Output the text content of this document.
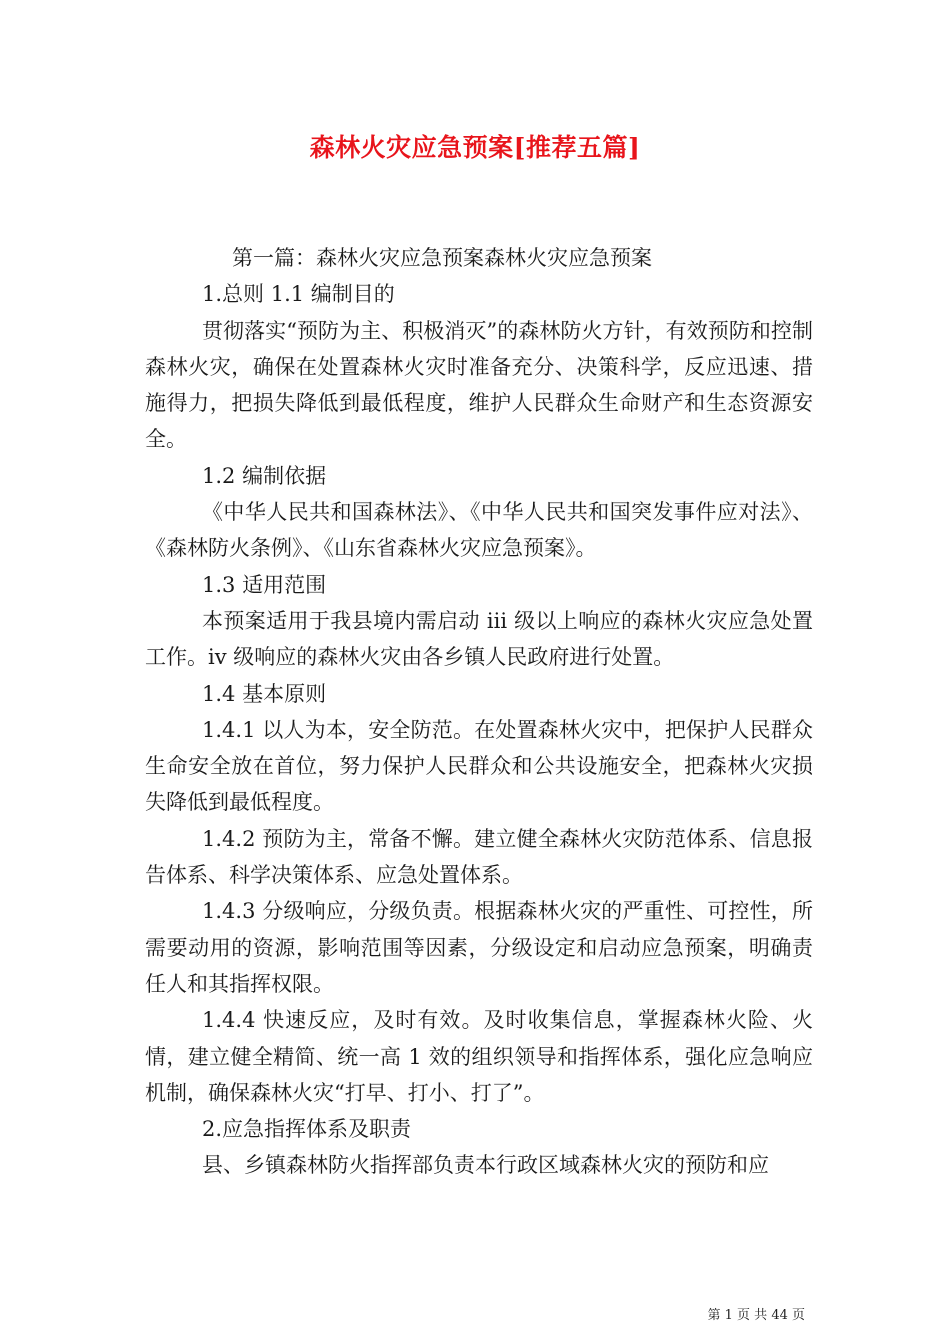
森林火灾应急预案[推荐五篇]

第一篇：森林火灾应急预案森林火灾应急预案

1.总则 1.1 编制目的

贯彻落实“预防为主、积极消灭”的森林防火方针，有效预防和控制森林火灾，确保在处置森林火灾时准备充分、决策科学，反应迅速、措施得力，把损失降低到最低程度，维护人民群众生命财产和生态资源安全。

1.2 编制依据

《中华人民共和国森林法》、《中华人民共和国突发事件应对法》、《森林防火条例》、《山东省森林火灾应急预案》。

1.3 适用范围

本预案适用于我县境内需启动 iii 级以上响应的森林火灾应急处置工作。iv 级响应的森林火灾由各乡镇人民政府进行处置。

1.4 基本原则

1.4.1 以人为本，安全防范。在处置森林火灾中，把保护人民群众生命安全放在首位，努力保护人民群众和公共设施安全，把森林火灾损失降低到最低程度。

1.4.2 预防为主，常备不懈。建立健全森林火灾防范体系、信息报告体系、科学决策体系、应急处置体系。

1.4.3 分级响应，分级负责。根据森林火灾的严重性、可控性，所需要动用的资源，影响范围等因素，分级设定和启动应急预案，明确责任人和其指挥权限。

1.4.4 快速反应，及时有效。及时收集信息，掌握森林火险、火情，建立健全精简、统一高 1 效的组织领导和指挥体系，强化应急响应机制，确保森林火灾“打早、打小、打了”。

2.应急指挥体系及职责

县、乡镇森林防火指挥部负责本行政区域森林火灾的预防和应

第 1 页 共 44 页
